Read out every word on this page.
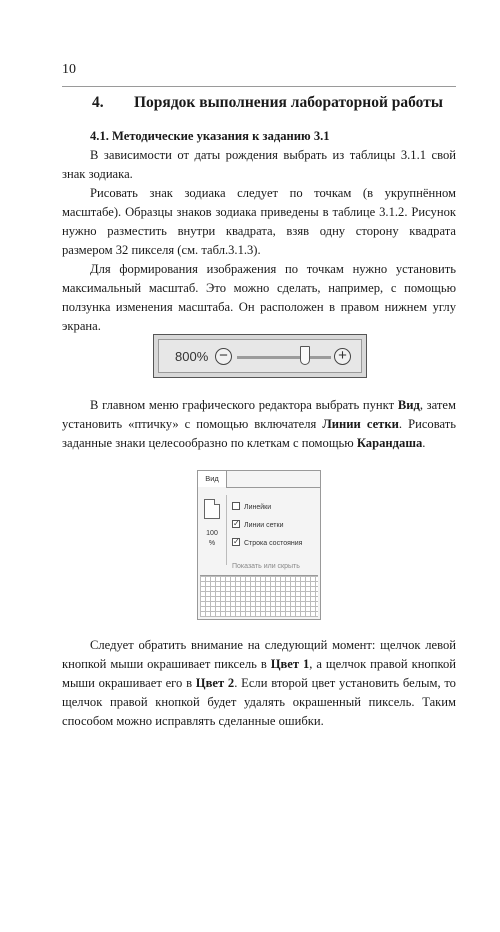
10
4. Порядок выполнения лабораторной работы

4.1. Методические указания к заданию 3.1

В зависимости от даты рождения выбрать из таблицы 3.1.1 свой знак зодиака.

Рисовать знак зодиака следует по точкам (в укрупнённом масштабе). Образцы знаков зодиака приведены в таблице 3.1.2. Рисунок нужно разместить внутри квадрата, взяв одну сторону квадрата размером 32 пикселя (см. табл.3.1.3).

Для формирования изображения по точкам нужно установить максимальный масштаб. Это можно сделать, например, с помощью ползунка изменения масштаба. Он расположен в правом нижнем углу экрана.

800% −	+

В главном меню графического редактора выбрать пункт Вид, затем установить «птичку» с помощью включателя Линии сетки. Рисовать заданные знаки целесообразно по клеткам с помощью Карандаша.

Вид
100
%
Линейки
✓ Линии сетки
✓ Строка состояния
Показать или скрыть

Следует обратить внимание на следующий момент: щелчок левой кнопкой мыши окрашивает пиксель в Цвет 1, а щелчок правой кнопкой мыши окрашивает его в Цвет 2. Если второй цвет установить белым, то щелчок правой кнопкой будет удалять окрашенный пиксель. Таким способом можно исправлять сделанные ошибки.
